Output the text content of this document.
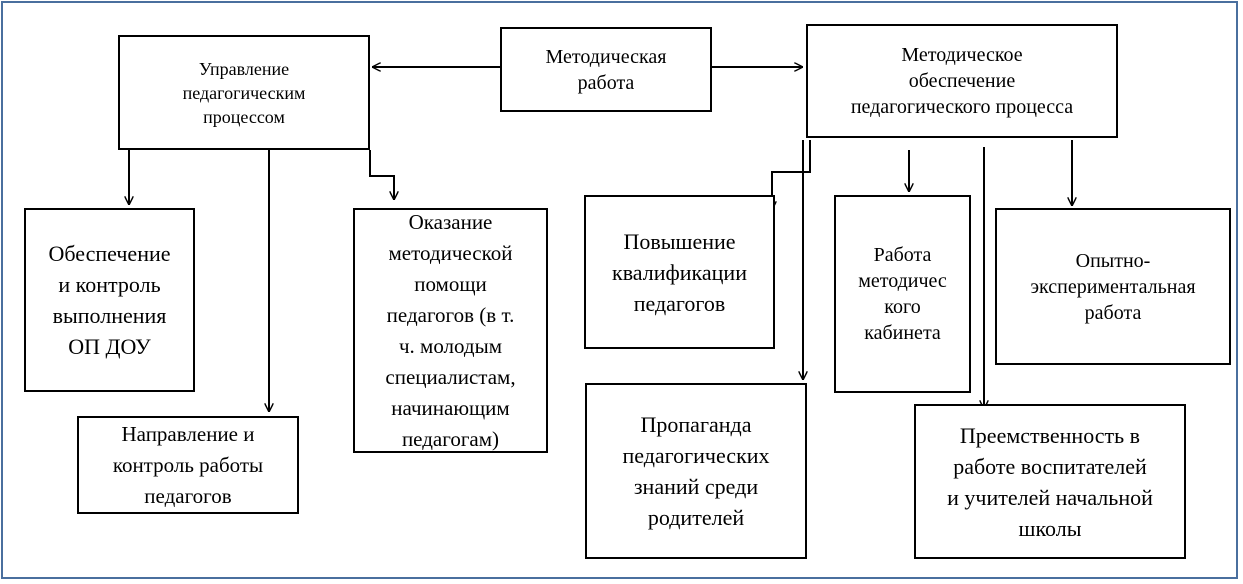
Методическая
работа
Управление
педагогическим
процессом
Методическое
обеспечение
педагогического процесса
Обеспечение
и контроль
выполнения
ОП ДОУ
Направление и
контроль работы
педагогов
Оказание
методической
помощи
педагогов (в т.
ч. молодым
специалистам,
начинающим
педагогам)
Повышение
квалификации
педагогов
Пропаганда
педагогических
знаний среди
родителей
Работа
методичес
кого
кабинета
Опытно-
экспериментальная
работа
Преемственность в
работе воспитателей
и учителей начальной
школы
